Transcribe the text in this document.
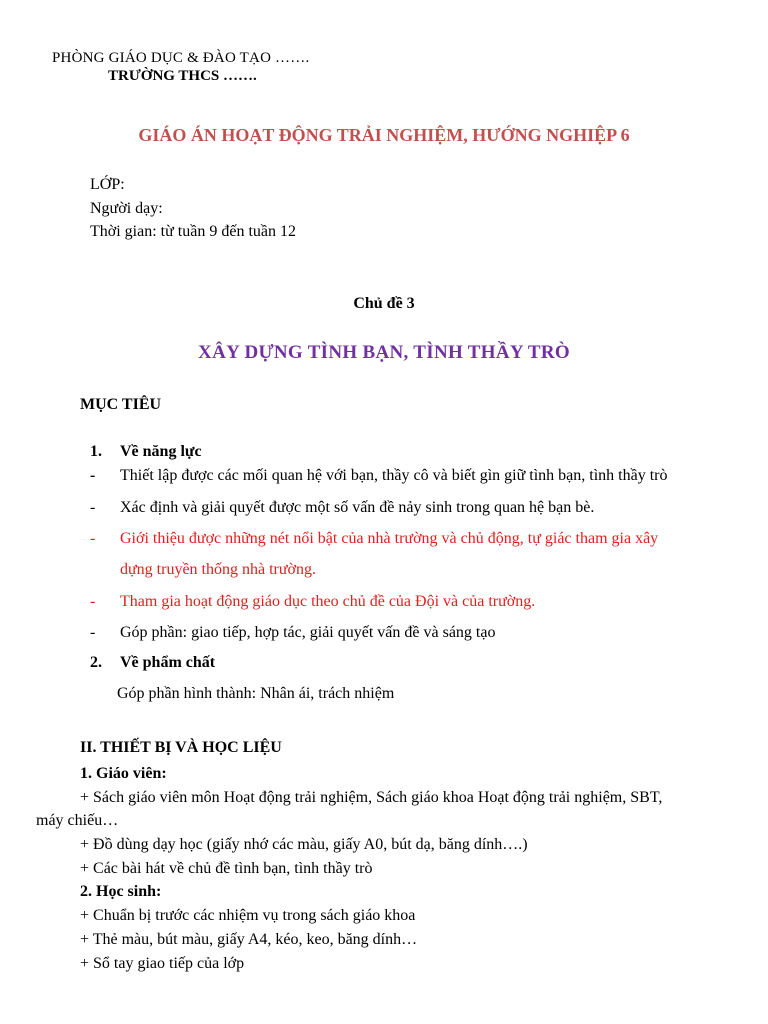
PHÒNG GIÁO DỤC & ĐÀO TẠO …….
TRƯỜNG THCS …….
GIÁO ÁN HOẠT ĐỘNG TRẢI NGHIỆM, HƯỚNG NGHIỆP 6
LỚP:
Người dạy:
Thời gian: từ tuần 9 đến tuần 12
Chủ đề 3
XÂY DỰNG TÌNH BẠN, TÌNH THẦY TRÒ
MỤC TIÊU
1. Về năng lực
- Thiết lập được các mối quan hệ với bạn, thầy cô và biết gìn giữ tình bạn, tình thầy trò
- Xác định và giải quyết được một số vấn đề nảy sinh trong quan hệ bạn bè.
- Giới thiệu được những nét nổi bật của nhà trường và chủ động, tự giác tham gia xây
dựng truyền thống nhà trường.
- Tham gia hoạt động giáo dục theo chủ đề của Đội và của trường.
- Góp phần: giao tiếp, hợp tác, giải quyết vấn đề và sáng tạo
2. Về phẩm chất
Góp phần hình thành: Nhân ái, trách nhiệm
II. THIẾT BỊ VÀ HỌC LIỆU
1. Giáo viên:
+ Sách giáo viên môn Hoạt động trải nghiệm, Sách giáo khoa Hoạt động trải nghiệm, SBT,
máy chiếu…
+ Đồ dùng dạy học (giấy nhớ các màu, giấy A0, bút dạ, băng dính….)
+ Các bài hát về chủ đề tình bạn, tình thầy trò
2. Học sinh:
+ Chuẩn bị trước các nhiệm vụ trong sách giáo khoa
+ Thẻ màu, bút màu, giấy A4, kéo, keo, băng dính…
+ Sổ tay giao tiếp của lớp
